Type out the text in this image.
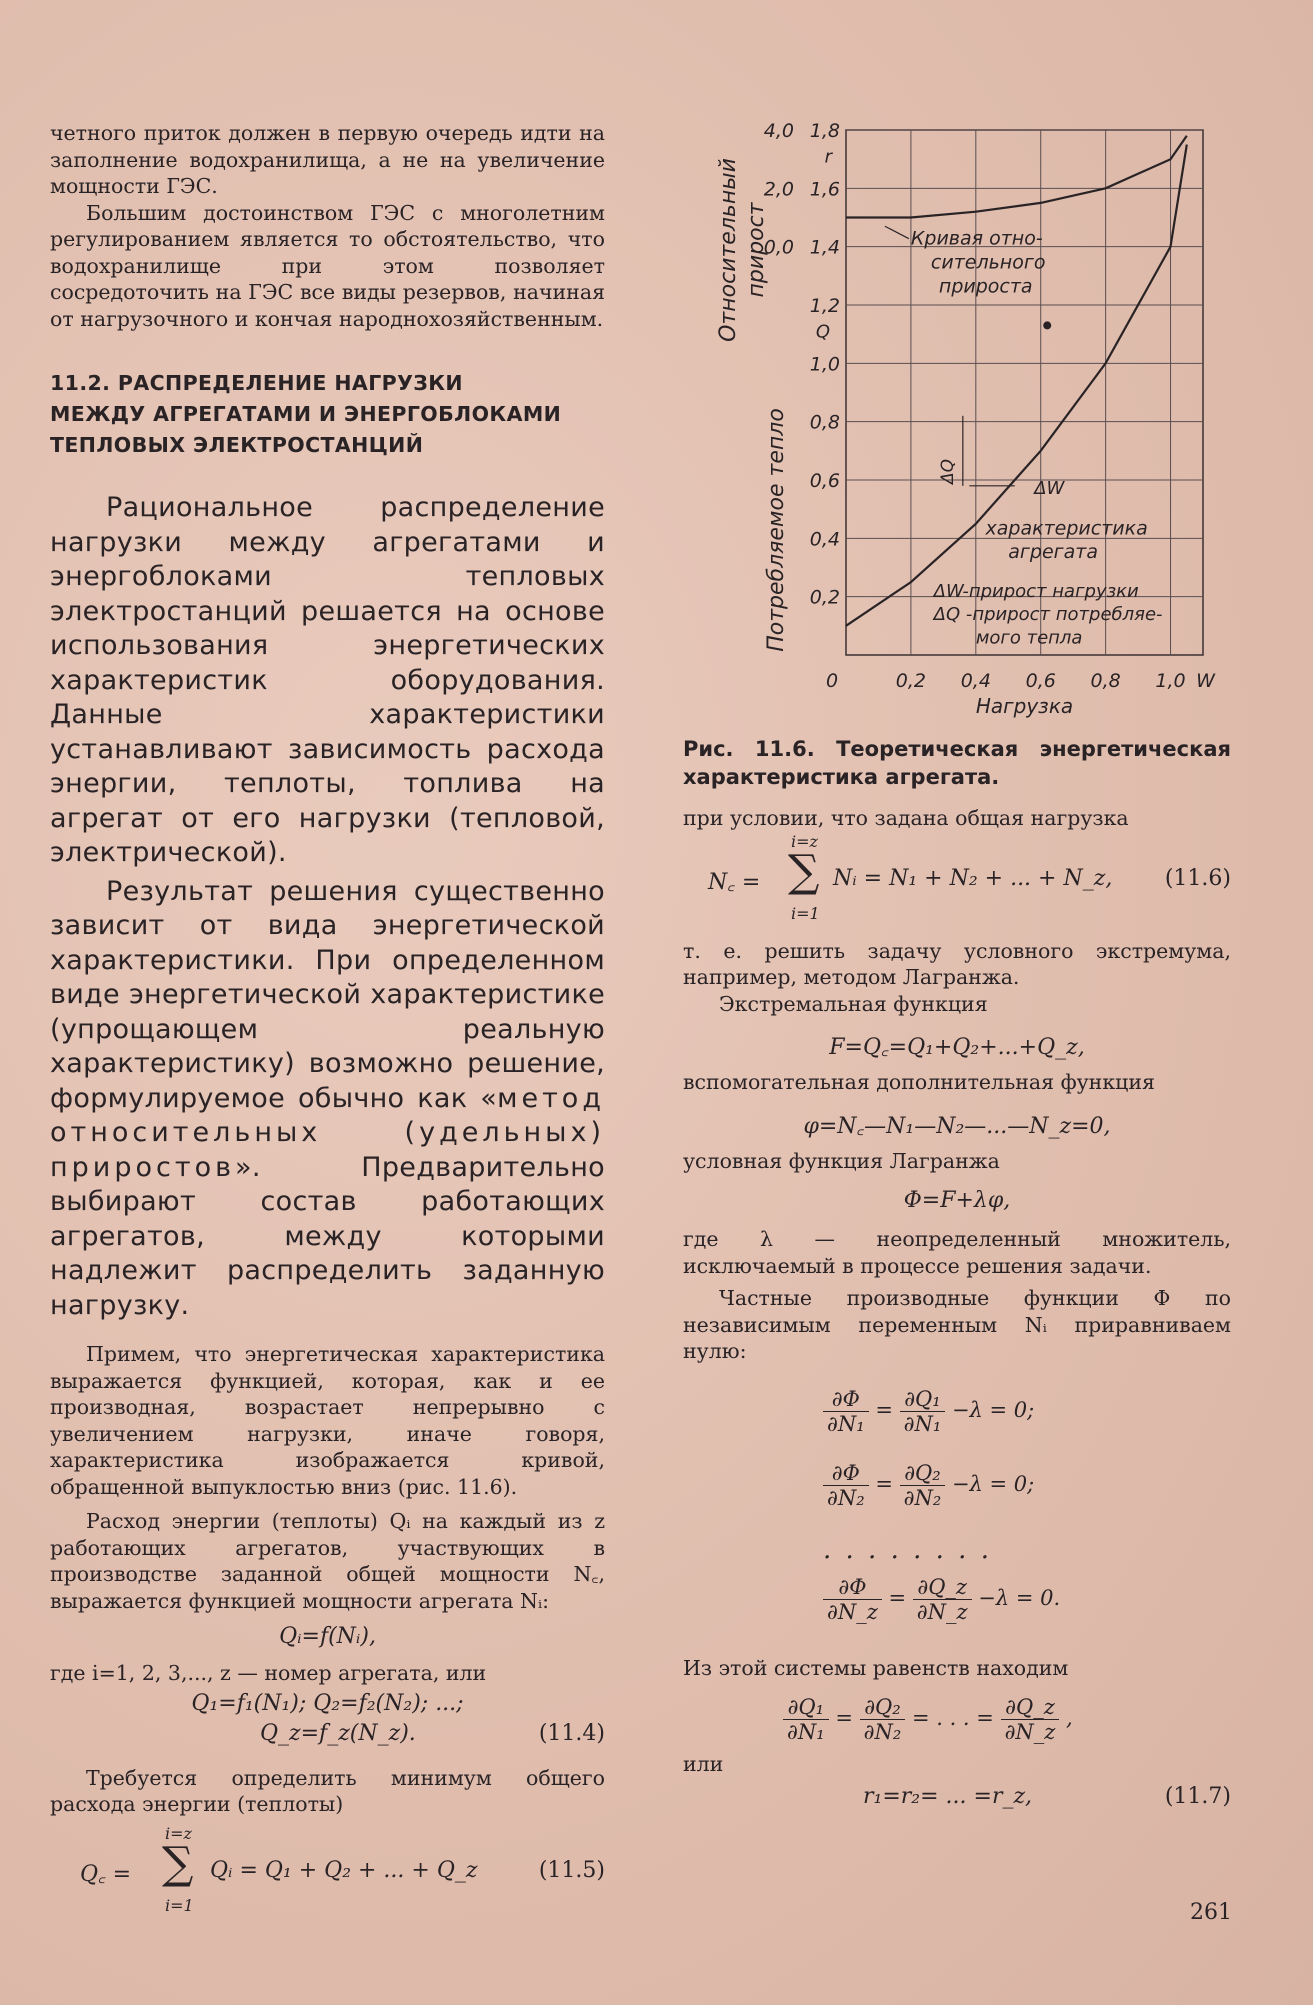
четного приток должен в первую очередь идти на заполнение водохранилища, а не на увеличение мощности ГЭС.

Большим достоинством ГЭС с многолетним регулированием является то обстоятельство, что водохранилище при этом позволяет сосредоточить на ГЭС все виды резервов, начиная от нагрузочного и кончая народнохозяйственным.

11.2. РАСПРЕДЕЛЕНИЕ НАГРУЗКИ
МЕЖДУ АГРЕГАТАМИ И ЭНЕРГОБЛОКАМИ
ТЕПЛОВЫХ ЭЛЕКТРОСТАНЦИЙ

Рациональное распределение нагрузки между агрегатами и энергоблоками тепловых электростанций решается на основе использования энергетических характеристик оборудования. Данные характеристики устанавливают зависимость расхода энергии, теплоты, топлива на агрегат от его нагрузки (тепловой, электрической).

Результат решения существенно зависит от вида энергетической характеристики. При определенном виде энергетической характеристике (упрощающем реальную характеристику) возможно решение, формулируемое обычно как «метод относительных (удельных) приростов». Предварительно выбирают состав работающих агрегатов, между которыми надлежит распределить заданную нагрузку.

Примем, что энергетическая характеристика выражается функцией, которая, как и ее производная, возрастает непрерывно с увеличением нагрузки, иначе говоря, характеристика изображается кривой, обращенной выпуклостью вниз (рис. 11.6).

Расход энергии (теплоты) Qᵢ на каждый из z работающих агрегатов, участвующих в производстве заданной общей мощности N꜀, выражается функцией мощности агрегата Nᵢ:

Qᵢ=f(Nᵢ),

где i=1, 2, 3,..., z — номер агрегата, или

Q₁=f₁(N₁); Q₂=f₂(N₂); ...;
Q_z=f_z(N_z).	(11.4)

Требуется определить минимум общего расхода энергии (теплоты)

Q꜀ =
i=z
∑
i=1
Qᵢ = Q₁ + Q₂ + ... + Q_z	(11.5)
1,8
1,6
1,4
1,2
1,0
0,8
0,6
0,4
0,2
4,0
2,0
0,0
r
Q
0	0,2 0,4 0,6 0,8 1,0 W
Нагрузка
Относительный прирост
Потребляемое тепло
Кривая отно-
сительного
прироста
ΔQ
ΔW
характеристика
агрегата
ΔW-прирост нагрузки
ΔQ -прирост потребляе-
мого тепла

Рис. 11.6. Теоретическая энергетическая характеристика агрегата.

при условии, что задана общая нагрузка

N꜀ =
i=z
∑
i=1
Nᵢ = N₁ + N₂ + ... + N_z, (11.6)

т. е. решить задачу условного экстремума, например, методом Лагранжа.

Экстремальная функция

F=Q꜀=Q₁+Q₂+...+Q_z,

вспомогательная дополнительная функция

φ=N꜀—N₁—N₂—...—N_z=0,

условная функция Лагранжа

Φ=F+λφ,

где λ — неопределенный множитель, исключаемый в процессе решения задачи.

Частные производные функции Φ по независимым переменным Nᵢ приравниваем нулю:

$\frac{\partial\Phi}{\text{∂N₁}} = \frac{\text{∂Q₁}}{\text{∂N₁}} -\lambda = 0$;
$\frac{\partial\Phi}{\text{∂N₂}} = \frac{\text{∂Q₂}}{\text{∂N₂}} -\lambda = 0$;
. . . . . . . .
$\frac{\partial\Phi}{\partial N\_z} = \frac{\partial Q\_z}{\partial N\_z} -\lambda = 0$.

Из этой системы равенств находим

$\frac{\text{∂Q₁}}{\text{∂N₁}} = \frac{\text{∂Q₂}}{\text{∂N₂}}$ = . . . = $\frac{\partial Q\_z}{\partial N\_z}$ ,

или

r₁=r₂= ... =r_z,	(11.7)
261
